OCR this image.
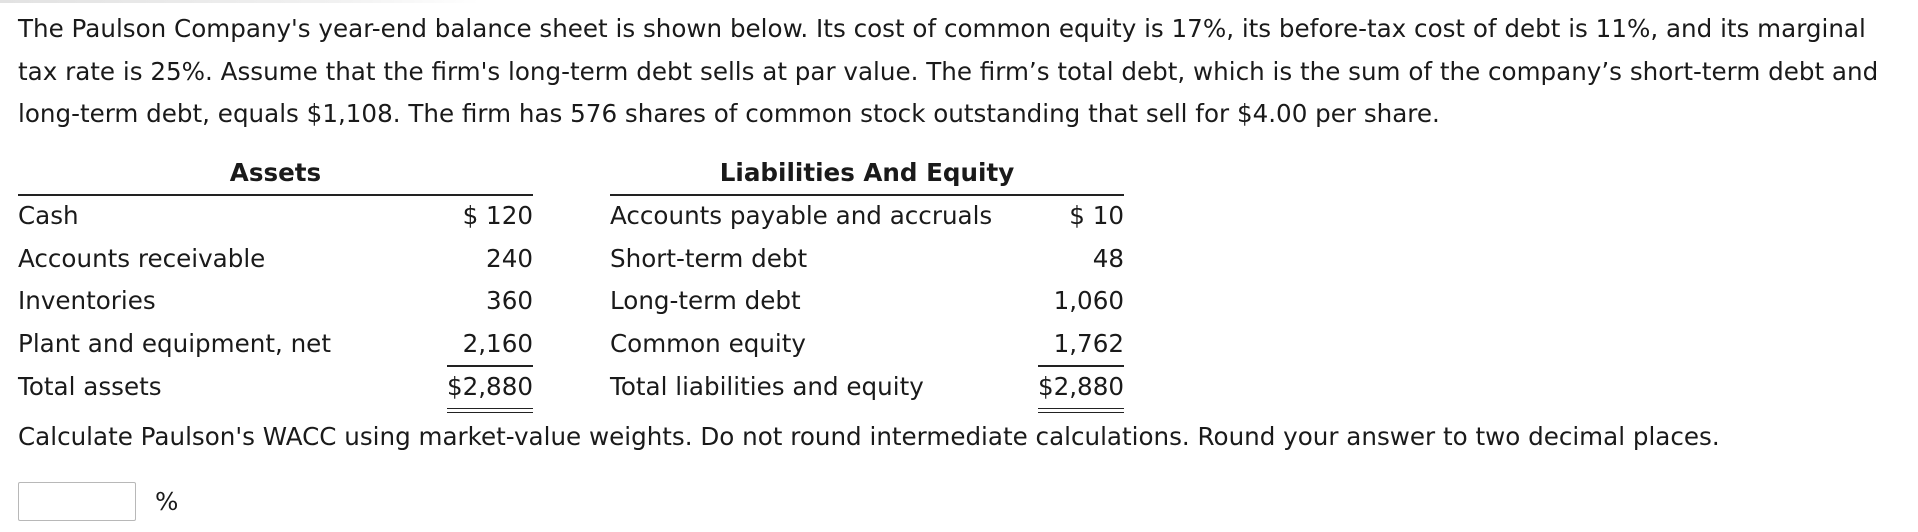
The Paulson Company's year-end balance sheet is shown below. Its cost of common equity is 17%, its before-tax cost of debt is 11%, and its marginal tax rate is 25%. Assume that the firm's long-term debt sells at par value. The firm’s total debt, which is the sum of the company’s short-term debt and long-term debt, equals $1,108. The firm has 576 shares of common stock outstanding that sell for $4.00 per share.

Assets
Cash	$ 120
Accounts receivable	240
Inventories	360
Plant and equipment, net	2,160
Total assets	$2,880
Liabilities And Equity
Accounts payable and accruals	$ 10
Short-term debt	48
Long-term debt	1,060
Common equity	1,762
Total liabilities and equity	$2,880

Calculate Paulson's WACC using market-value weights. Do not round intermediate calculations. Round your answer to two decimal places.

%
